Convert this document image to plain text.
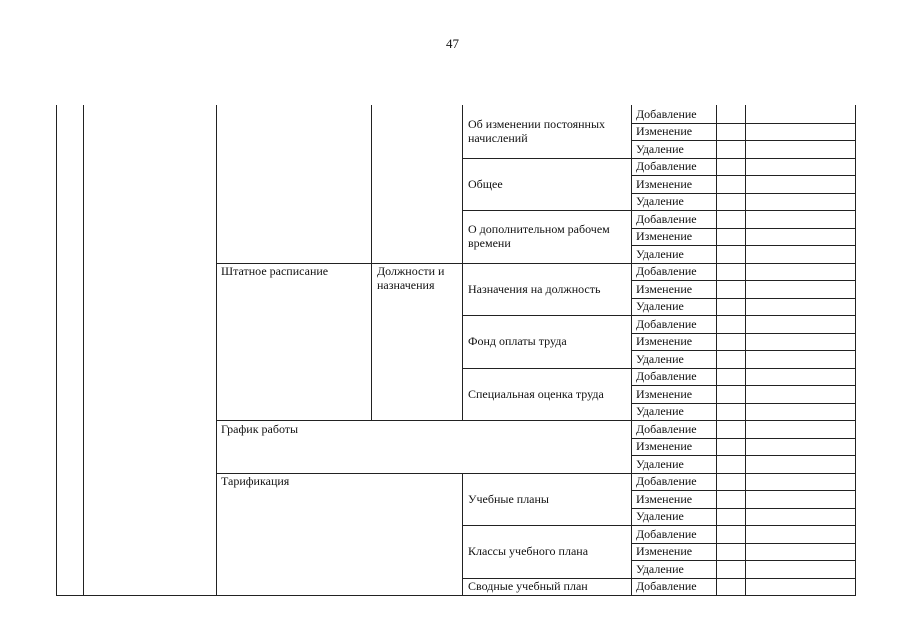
47
Добавление
Изменение
Удаление
Об изменении постоянных начислений
Добавление
Изменение
Удаление
Общее
Добавление
Изменение
Удаление
О дополнительном рабочем времени
Добавление
Изменение
Удаление
Назначения на должность
Добавление
Изменение
Удаление
Фонд оплаты труда
Добавление
Изменение
Удаление
Специальная оценка труда
Добавление
Изменение
Удаление
Добавление
Изменение
Удаление
Учебные планы
Добавление
Изменение
Удаление
Классы учебного плана
Добавление
Сводные учебный план
Штатное расписание	Должности и назначения
График работы
Тарификация
